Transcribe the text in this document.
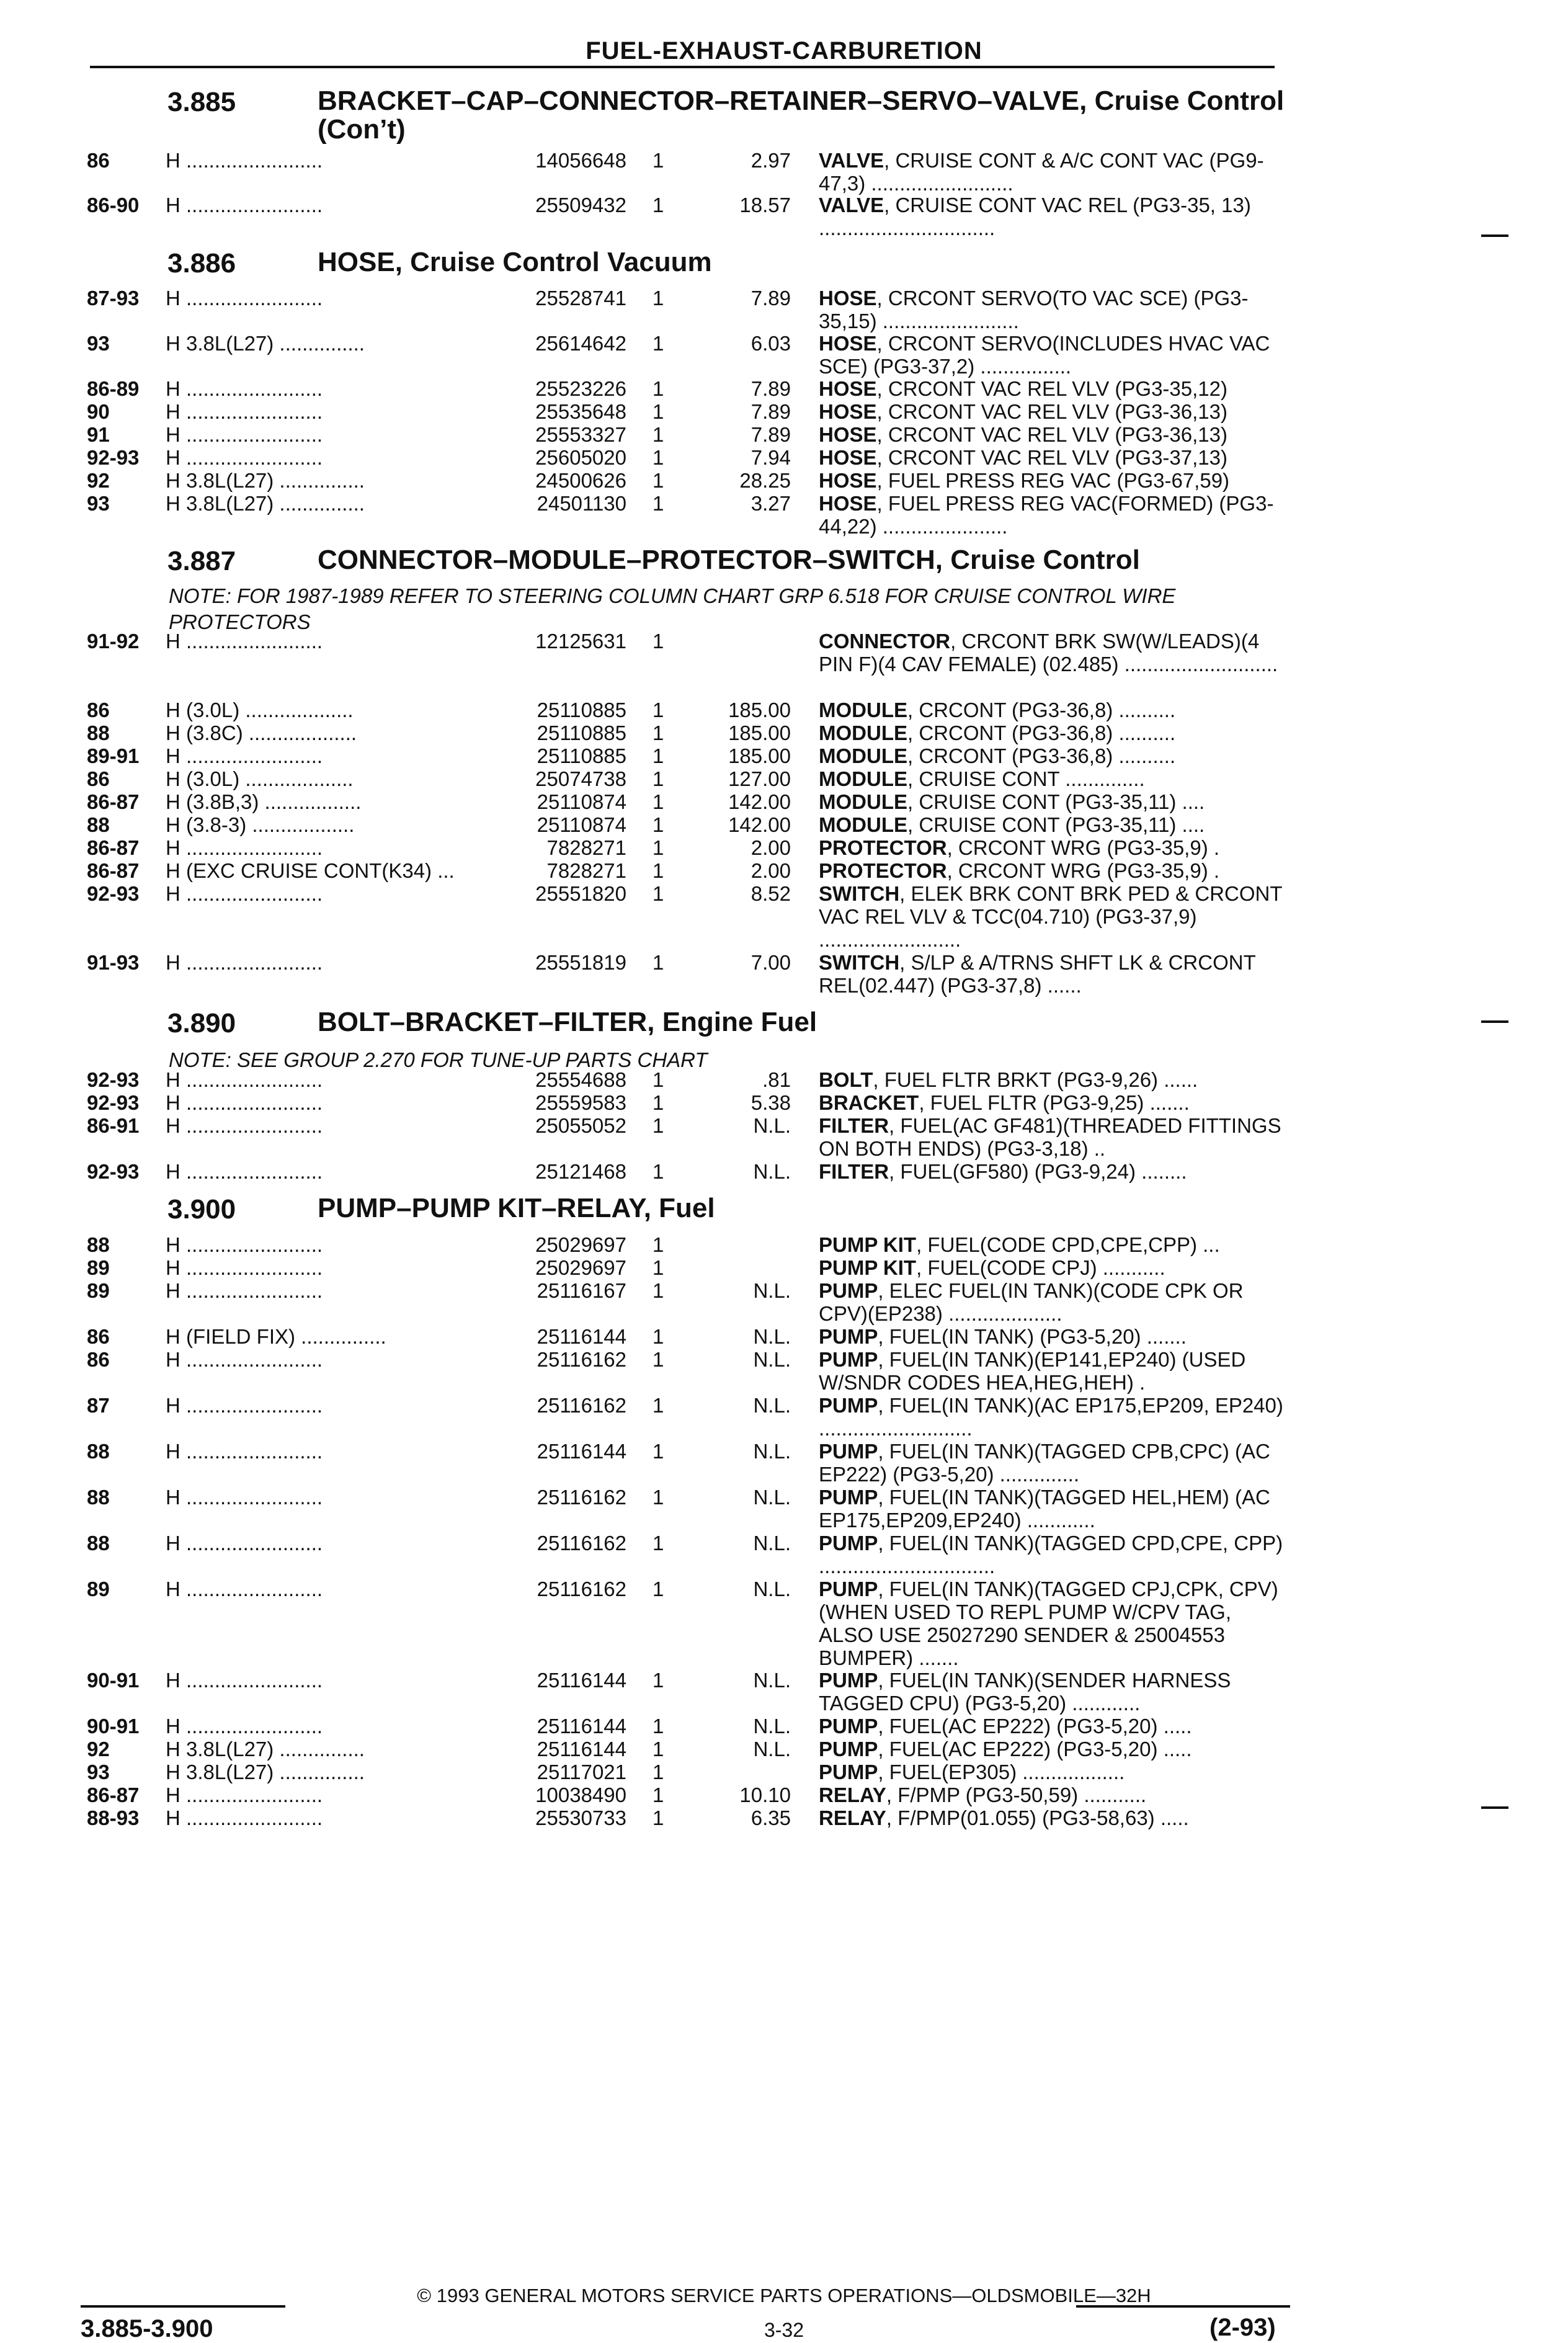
FUEL-EXHAUST-CARBURETION
3.885	BRACKET–CAP–CONNECTOR–RETAINER–SERVO–VALVE, Cruise Control (Con’t)
86	H ........................	14056648 1	2.97 VALVE, CRUISE CONT & A/C CONT VAC (PG9-47,3) .........................
86-90 H ........................	25509432 1	18.57 VALVE, CRUISE CONT VAC REL (PG3-35, 13) ...............................
3.886	HOSE, Cruise Control Vacuum
87-93 H ........................	25528741 1	7.89 HOSE, CRCONT SERVO(TO VAC SCE) (PG3-35,15) ........................
93	H 3.8L(L27) ...............	25614642 1	6.03 HOSE, CRCONT SERVO(INCLUDES HVAC VAC SCE) (PG3-37,2) ................
86-89 H ........................	25523226 1	7.89 HOSE, CRCONT VAC REL VLV (PG3-35,12)
90	H ........................	25535648 1	7.89 HOSE, CRCONT VAC REL VLV (PG3-36,13)
91	H ........................	25553327 1	7.89 HOSE, CRCONT VAC REL VLV (PG3-36,13)
92-93 H ........................	25605020 1	7.94 HOSE, CRCONT VAC REL VLV (PG3-37,13)
92	H 3.8L(L27) ...............	24500626 1	28.25 HOSE, FUEL PRESS REG VAC (PG3-67,59)
93	H 3.8L(L27) ...............	24501130 1	3.27 HOSE, FUEL PRESS REG VAC(FORMED) (PG3-44,22) ......................
3.887	CONNECTOR–MODULE–PROTECTOR–SWITCH, Cruise Control
NOTE: FOR 1987-1989 REFER TO STEERING COLUMN CHART GRP 6.518 FOR CRUISE CONTROL WIRE PROTECTORS
91-92 H ........................	12125631 1	CONNECTOR, CRCONT BRK SW(W/LEADS)(4 PIN F)(4 CAV FEMALE) (02.485) ...........................
86	H (3.0L) ...................	25110885 1	185.00 MODULE, CRCONT (PG3-36,8) ..........
88	H (3.8C) ...................	25110885 1	185.00 MODULE, CRCONT (PG3-36,8) ..........
89-91 H ........................	25110885 1	185.00 MODULE, CRCONT (PG3-36,8) ..........
86	H (3.0L) ...................	25074738 1	127.00 MODULE, CRUISE CONT ..............
86-87 H (3.8B,3) .................	25110874 1	142.00 MODULE, CRUISE CONT (PG3-35,11) ....
88	H (3.8-3) ..................	25110874 1	142.00 MODULE, CRUISE CONT (PG3-35,11) ....
86-87 H ........................	7828271 1	2.00 PROTECTOR, CRCONT WRG (PG3-35,9) .
86-87 H (EXC CRUISE CONT(K34) ...	7828271 1	2.00 PROTECTOR, CRCONT WRG (PG3-35,9) .
92-93 H ........................	25551820 1	8.52 SWITCH, ELEK BRK CONT BRK PED & CRCONT VAC REL VLV & TCC(04.710) (PG3-37,9) .........................
91-93 H ........................	25551819 1	7.00 SWITCH, S/LP & A/TRNS SHFT LK & CRCONT REL(02.447) (PG3-37,8) ......
3.890	BOLT–BRACKET–FILTER, Engine Fuel
NOTE: SEE GROUP 2.270 FOR TUNE-UP PARTS CHART
92-93 H ........................	25554688 1	.81 BOLT, FUEL FLTR BRKT (PG3-9,26) ......
92-93 H ........................	25559583 1	5.38 BRACKET, FUEL FLTR (PG3-9,25) .......
86-91 H ........................	25055052 1	N.L. FILTER, FUEL(AC GF481)(THREADED FITTINGS ON BOTH ENDS) (PG3-3,18) ..
92-93 H ........................	25121468 1	N.L. FILTER, FUEL(GF580) (PG3-9,24) ........
3.900	PUMP–PUMP KIT–RELAY, Fuel
88	H ........................	25029697 1	PUMP KIT, FUEL(CODE CPD,CPE,CPP) ...
89	H ........................	25029697 1	PUMP KIT, FUEL(CODE CPJ) ...........
89	H ........................	25116167 1	N.L. PUMP, ELEC FUEL(IN TANK)(CODE CPK OR CPV)(EP238) ....................
86	H (FIELD FIX) ...............	25116144 1	N.L. PUMP, FUEL(IN TANK) (PG3-5,20) .......
86	H ........................	25116162 1	N.L. PUMP, FUEL(IN TANK)(EP141,EP240) (USED W/SNDR CODES HEA,HEG,HEH) .
87	H ........................	25116162 1	N.L. PUMP, FUEL(IN TANK)(AC EP175,EP209, EP240) ...........................
88	H ........................	25116144 1	N.L. PUMP, FUEL(IN TANK)(TAGGED CPB,CPC) (AC EP222) (PG3-5,20) ..............
88	H ........................	25116162 1	N.L. PUMP, FUEL(IN TANK)(TAGGED HEL,HEM) (AC EP175,EP209,EP240) ............
88	H ........................	25116162 1	N.L. PUMP, FUEL(IN TANK)(TAGGED CPD,CPE, CPP) ...............................
89	H ........................	25116162 1	N.L. PUMP, FUEL(IN TANK)(TAGGED CPJ,CPK, CPV) (WHEN USED TO REPL PUMP W/CPV TAG, ALSO USE 25027290 SENDER & 25004553 BUMPER) .......
90-91 H ........................	25116144 1	N.L. PUMP, FUEL(IN TANK)(SENDER HARNESS TAGGED CPU) (PG3-5,20) ............
90-91 H ........................	25116144 1	N.L. PUMP, FUEL(AC EP222) (PG3-5,20) .....
92	H 3.8L(L27) ...............	25116144 1	N.L. PUMP, FUEL(AC EP222) (PG3-5,20) .....
93	H 3.8L(L27) ...............	25117021 1	PUMP, FUEL(EP305) ..................
86-87 H ........................	10038490 1	10.10 RELAY, F/PMP (PG3-50,59) ...........
88-93 H ........................	25530733 1	6.35 RELAY, F/PMP(01.055) (PG3-58,63) .....
© 1993 GENERAL MOTORS SERVICE PARTS OPERATIONS—OLDSMOBILE—32H
3.885-3.900	3-32	(2-93)
